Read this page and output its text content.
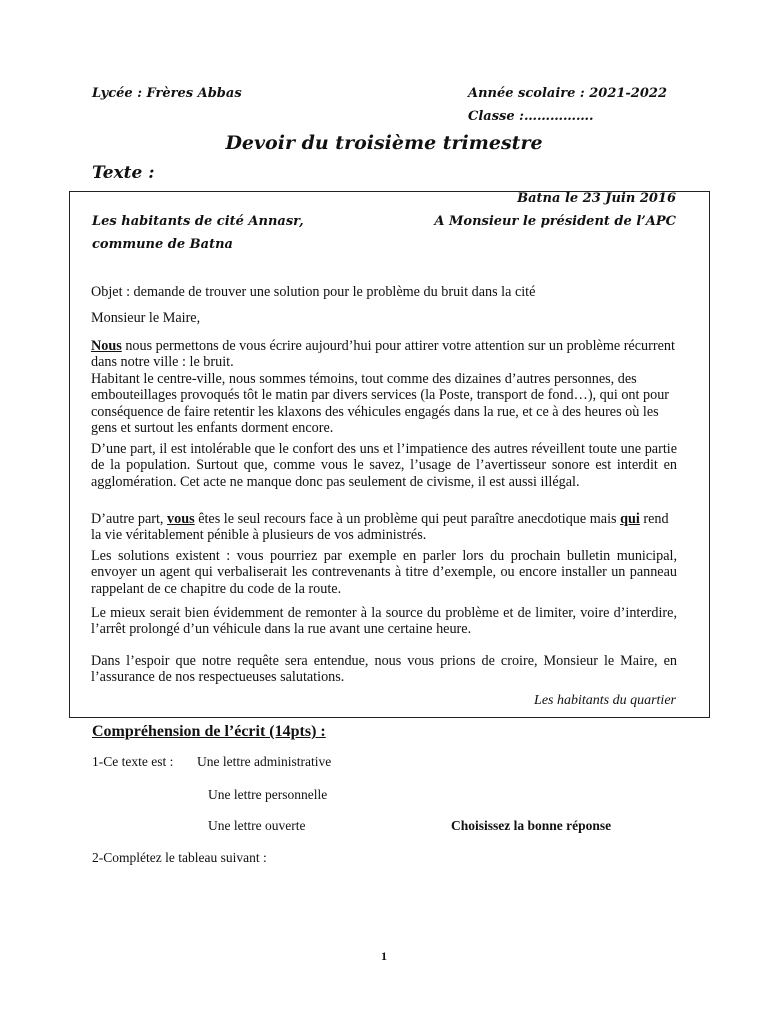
Lycée : Frères Abbas	Année scolaire : 2021-2022
Classe :…………….
Devoir du troisième trimestre
Texte :
Batna le 23 Juin 2016
Les habitants de cité Annasr,	A Monsieur le président de l’APC
commune de Batna

Objet : demande de trouver une solution pour le problème du bruit dans la cité

Monsieur le Maire,

Nous nous permettons de vous écrire aujourd’hui pour attirer votre attention sur un problème récurrent dans notre ville : le bruit.

Habitant le centre-ville, nous sommes témoins, tout comme des dizaines d’autres personnes, des embouteillages provoqués tôt le matin par divers services (la Poste, transport de fond…), qui ont pour conséquence de faire retentir les klaxons des véhicules engagés dans la rue, et ce à des heures où les gens et surtout les enfants dorment encore.

D’une part, il est intolérable que le confort des uns et l’impatience des autres réveillent toute une partie de la population. Surtout que, comme vous le savez, l’usage de l’avertisseur sonore est interdit en agglomération. Cet acte ne manque donc pas seulement de civisme, il est aussi illégal.

D’autre part, vous êtes le seul recours face à un problème qui peut paraître anecdotique mais qui rend la vie véritablement pénible à plusieurs de vos administrés.

Les solutions existent : vous pourriez par exemple en parler lors du prochain bulletin municipal, envoyer un agent qui verbaliserait les contrevenants à titre d’exemple, ou encore installer un panneau rappelant de ce chapitre du code de la route.

Le mieux serait bien évidemment de remonter à la source du problème et de limiter, voire d’interdire, l’arrêt prolongé d’un véhicule dans la rue avant une certaine heure.

Dans l’espoir que notre requête sera entendue, nous vous prions de croire, Monsieur le Maire, en l’assurance de nos respectueuses salutations.

Les habitants du quartier
Compréhension de l’écrit (14pts) :
1-Ce texte est : Une lettre administrative
Une lettre personnelle
Une lettre ouverte	Choisissez la bonne réponse
2-Complétez le tableau suivant :
1
